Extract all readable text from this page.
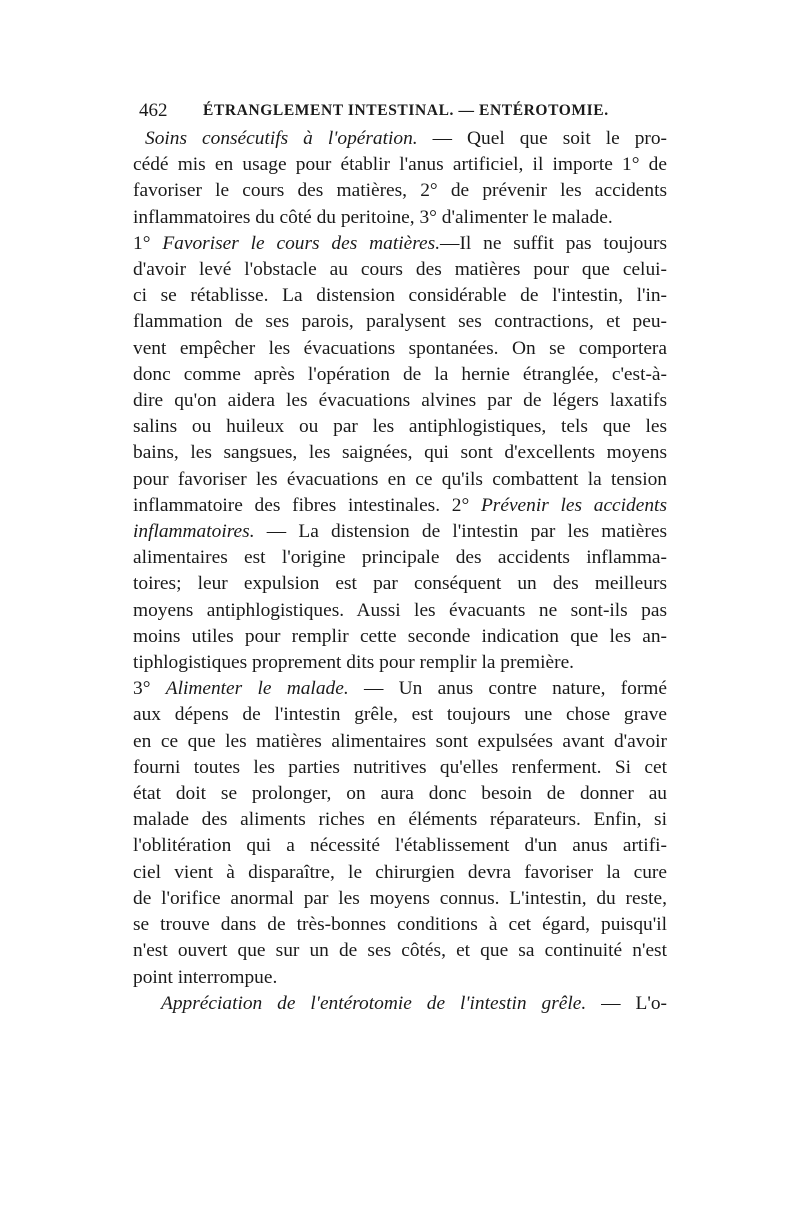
462 ÉTRANGLEMENT INTESTINAL. — ENTÉROTOMIE.
Soins consécutifs à l'opération. — Quel que soit le pro-
cédé mis en usage pour établir l'anus artificiel, il importe 1° de
favoriser le cours des matières, 2° de prévenir les accidents
inflammatoires du côté du peritoine, 3° d'alimenter le malade.
1° Favoriser le cours des matières.—Il ne suffit pas toujours
d'avoir levé l'obstacle au cours des matières pour que celui-
ci se rétablisse. La distension considérable de l'intestin, l'in-
flammation de ses parois, paralysent ses contractions, et peu-
vent empêcher les évacuations spontanées. On se comportera
donc comme après l'opération de la hernie étranglée, c'est-à-
dire qu'on aidera les évacuations alvines par de légers laxatifs
salins ou huileux ou par les antiphlogistiques, tels que les
bains, les sangsues, les saignées, qui sont d'excellents moyens
pour favoriser les évacuations en ce qu'ils combattent la tension
inflammatoire des fibres intestinales. 2° Prévenir les accidents
inflammatoires. — La distension de l'intestin par les matières
alimentaires est l'origine principale des accidents inflamma-
toires; leur expulsion est par conséquent un des meilleurs
moyens antiphlogistiques. Aussi les évacuants ne sont-ils pas
moins utiles pour remplir cette seconde indication que les an-
tiphlogistiques proprement dits pour remplir la première.
3° Alimenter le malade. — Un anus contre nature, formé
aux dépens de l'intestin grêle, est toujours une chose grave
en ce que les matières alimentaires sont expulsées avant d'avoir
fourni toutes les parties nutritives qu'elles renferment. Si cet
état doit se prolonger, on aura donc besoin de donner au
malade des aliments riches en éléments réparateurs. Enfin, si
l'oblitération qui a nécessité l'établissement d'un anus artifi-
ciel vient à disparaître, le chirurgien devra favoriser la cure
de l'orifice anormal par les moyens connus. L'intestin, du reste,
se trouve dans de très-bonnes conditions à cet égard, puisqu'il
n'est ouvert que sur un de ses côtés, et que sa continuité n'est
point interrompue.
Appréciation de l'entérotomie de l'intestin grêle. — L'o-
